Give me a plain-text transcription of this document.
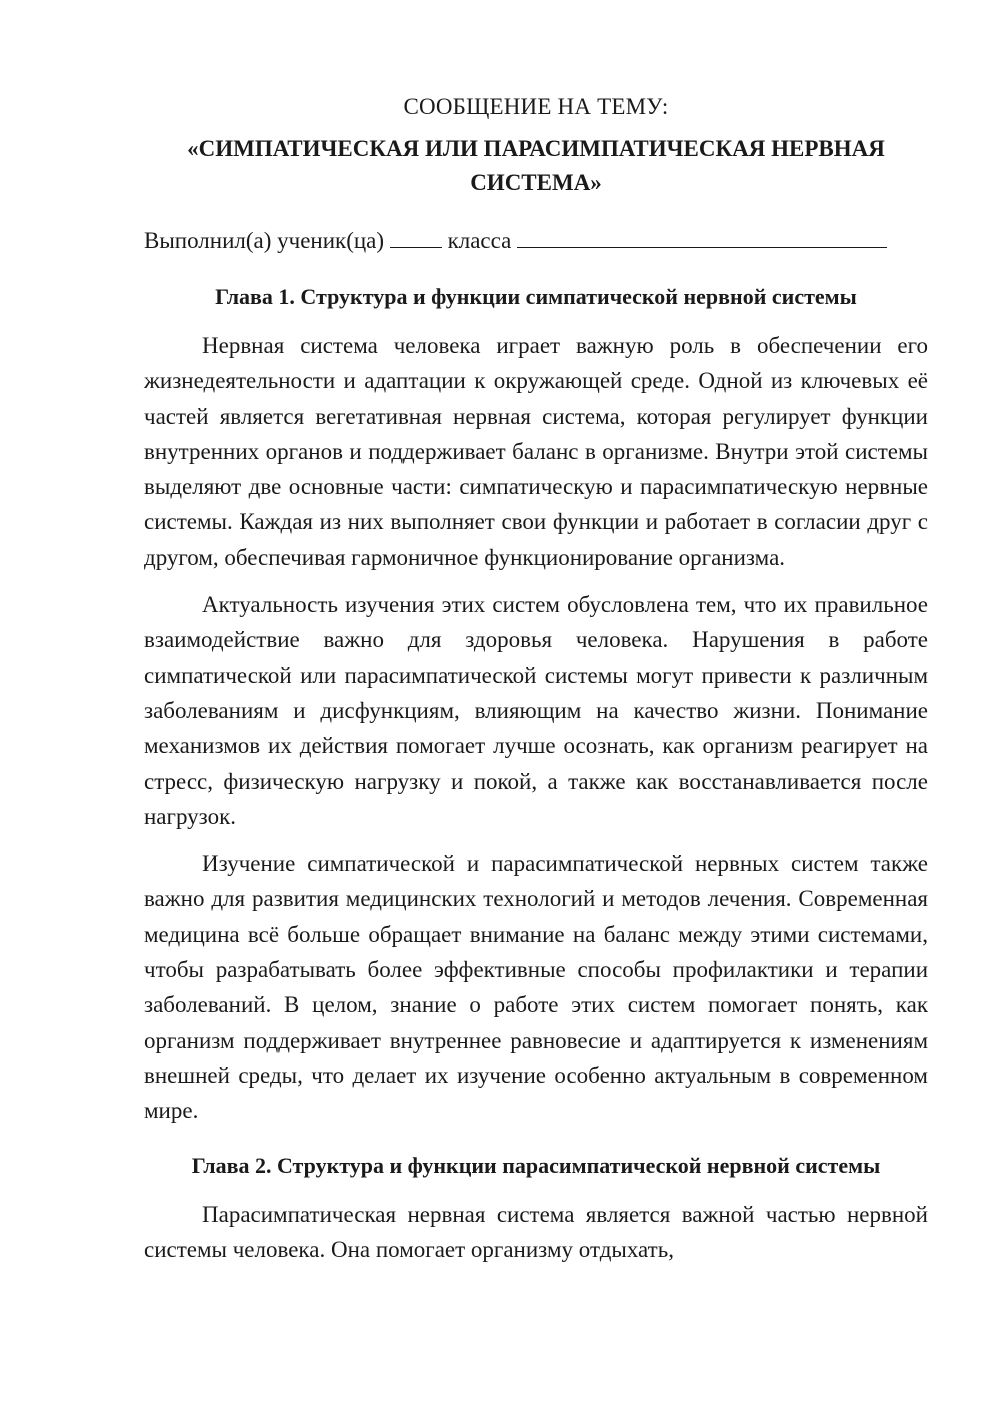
СООБЩЕНИЕ НА ТЕМУ:
«СИМПАТИЧЕСКАЯ ИЛИ ПАРАСИМПАТИЧЕСКАЯ НЕРВНАЯ
СИСТЕМА»
Выполнил(а) ученик(ца)	класса
Глава 1. Структура и функции симпатической нервной системы

Нервная система человека играет важную роль в обеспечении его жизнедеятельности и адаптации к окружающей среде. Одной из ключевых её частей является вегетативная нервная система, которая регулирует функции внутренних органов и поддерживает баланс в организме. Внутри этой системы выделяют две основные части: симпатическую и парасимпатическую нервные системы. Каждая из них выполняет свои функции и работает в согласии друг с другом, обеспечивая гармоничное функционирование организма.

Актуальность изучения этих систем обусловлена тем, что их правильное взаимодействие важно для здоровья человека. Нарушения в работе симпатической или парасимпатической системы могут привести к различным заболеваниям и дисфункциям, влияющим на качество жизни. Понимание механизмов их действия помогает лучше осознать, как организм реагирует на стресс, физическую нагрузку и покой, а также как восстанавливается после нагрузок.

Изучение симпатической и парасимпатической нервных систем также важно для развития медицинских технологий и методов лечения. Современная медицина всё больше обращает внимание на баланс между этими системами, чтобы разрабатывать более эффективные способы профилактики и терапии заболеваний. В целом, знание о работе этих систем помогает понять, как организм поддерживает внутреннее равновесие и адаптируется к изменениям внешней среды, что делает их изучение особенно актуальным в современном мире.

Глава 2. Структура и функции парасимпатической нервной системы

Парасимпатическая нервная система является важной частью нервной системы человека. Она помогает организму отдыхать,
